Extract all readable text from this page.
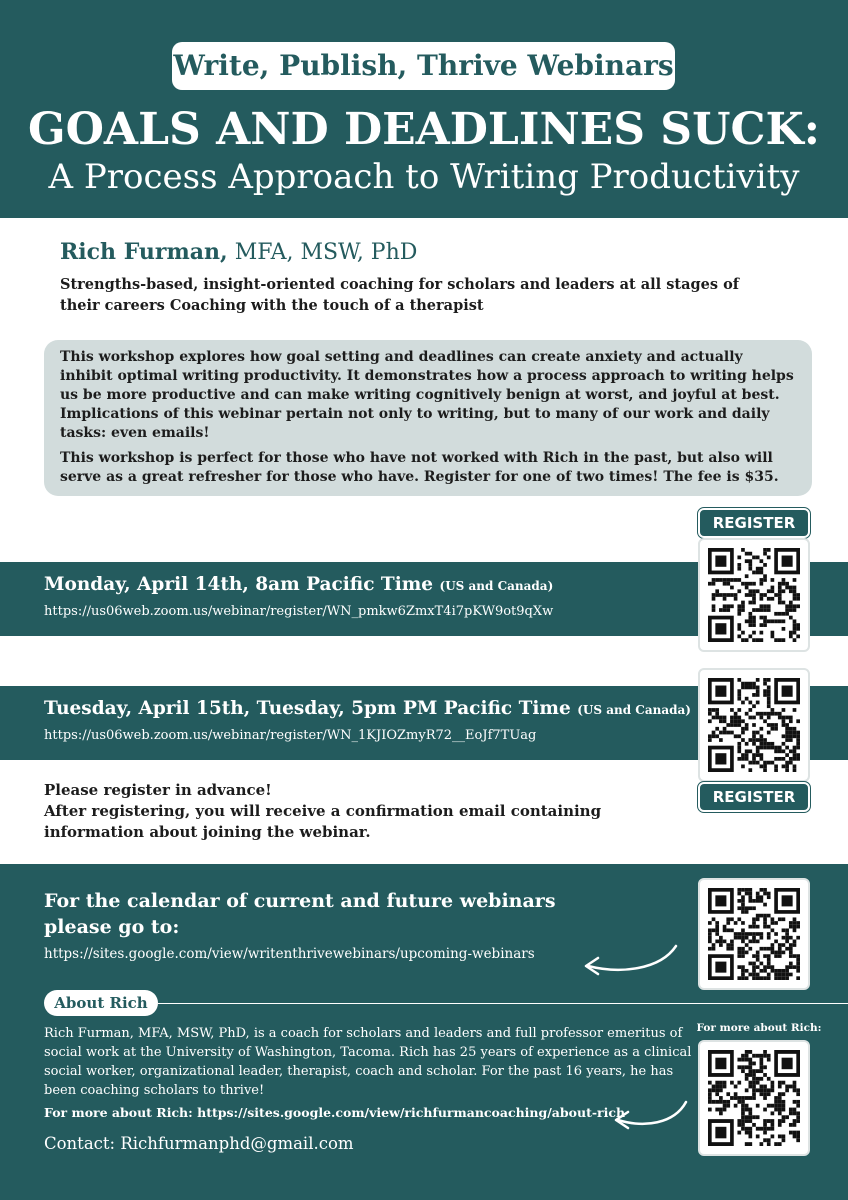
Write, Publish, Thrive Webinars
GOALS AND DEADLINES SUCK:
A Process Approach to Writing Productivity
Rich Furman, MFA, MSW, PhD
Strengths-based, insight-oriented coaching for scholars and leaders at all stages of their careers Coaching with the touch of a therapist

This workshop explores how goal setting and deadlines can create anxiety and actually inhibit optimal writing productivity. It demonstrates how a process approach to writing helps us be more productive and can make writing cognitively benign at worst, and joyful at best. Implications of this webinar pertain not only to writing, but to many of our work and daily tasks: even emails!

This workshop is perfect for those who have not worked with Rich in the past, but also will serve as a great refresher for those who have. Register for one of two times! The fee is $35.

Monday, April 14th, 8am Pacific Time (US and Canada)
https://us06web.zoom.us/webinar/register/WN_pmkw6ZmxT4i7pKW9ot9qXw
Tuesday, April 15th, Tuesday, 5pm PM Pacific Time (US and Canada)
https://us06web.zoom.us/webinar/register/WN_1KJIOZmyR72__EoJf7TUag
REGISTER
REGISTER NOW
Please register in advance!
After registering, you will receive a confirmation email containing information about joining the webinar.
For the calendar of current and future webinars please go to:
https://sites.google.com/view/writenthrivewebinars/upcoming-webinars
About Rich
Rich Furman, MFA, MSW, PhD, is a coach for scholars and leaders and full professor emeritus of social work at the University of Washington, Tacoma. Rich has 25 years of experience as a clinical social worker, organizational leader, therapist, coach and scholar. For the past 16 years, he has been coaching scholars to thrive!
For more about Rich: https://sites.google.com/view/richfurmancoaching/about-rich
Contact: Richfurmanphd@gmail.com
For more about Rich:
